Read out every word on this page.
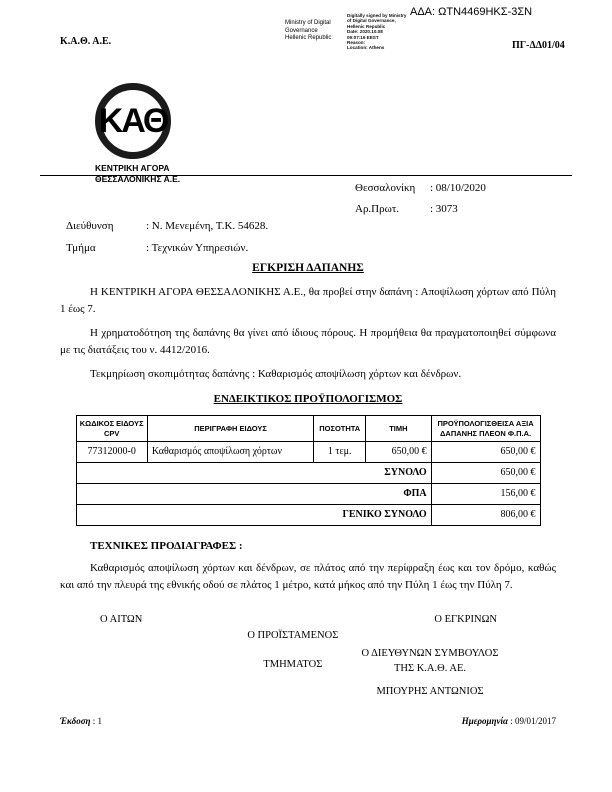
ΑΔΑ: ΩΤΝ4469ΗΚΣ-3ΣΝ
Κ.Α.Θ. Α.Ε.
Ministry of Digital
Governance
Hellenic Republic
Digitally signed by Ministry
of Digital Governance,
Hellenic Republic
Date: 2020.10.08
09:07:16 EEST
Reason:
Location: Athens	ΠΓ-ΔΔ01/04
ΚΑΘ
ΚΕΝΤΡΙΚΗ ΑΓΟΡΑ
ΘΕΣΣΑΛΟΝΙΚΗΣ Α.Ε.
Θεσσαλονίκη	: 08/10/2020
Αρ.Πρωτ.	: 3073
Διεύθυνση	: Ν. Μενεμένη, Τ.Κ. 54628.
Τμήμα	: Τεχνικών Υπηρεσιών.
ΕΓΚΡΙΣΗ ΔΑΠΑΝΗΣ

Η ΚΕΝΤΡΙΚΗ ΑΓΟΡΑ ΘΕΣΣΑΛΟΝΙΚΗΣ Α.Ε., θα προβεί στην δαπάνη : Αποψίλωση χόρτων από Πύλη 1 έως 7.

Η χρηματοδότηση της δαπάνης θα γίνει από ίδιους πόρους. Η προμήθεια θα πραγματοποιηθεί σύμφωνα με τις διατάξεις του ν. 4412/2016.

Τεκμηρίωση σκοπιμότητας δαπάνης : Καθαρισμός αποψίλωση χόρτων και δένδρων.

ΕΝΔΕΙΚΤΙΚΟΣ ΠΡΟΫΠΟΛΟΓΙΣΜΟΣ
ΚΩΔΙΚΟΣ ΕΙΔΟΥΣ CPV	ΠΕΡΙΓΡΑΦΗ ΕΙΔΟΥΣ	ΠΟΣΟΤΗΤΑ	ΤΙΜΗ	ΠΡΟΫΠΟΛΟΓΙΣΘΕΙΣΑ ΑΞΙΑ ΔΑΠΑΝΗΣ ΠΛΕΟΝ Φ.Π.Α.
77312000-0	Καθαρισμός αποψίλωση χόρτων	1 τεμ.	650,00 €	650,00 €
ΣΥΝΟΛΟ				650,00 €
ΦΠΑ				156,00 €
ΓΕΝΙΚΟ ΣΥΝΟΛΟ				806,00 €
ΤΕΧΝΙΚΕΣ ΠΡΟΔΙΑΓΡΑΦΕΣ :

Καθαρισμός αποψίλωση χόρτων και δένδρων, σε πλάτος από την περίφραξη έως και τον δρόμο, καθώς και από την πλευρά της εθνικής οδού σε πλάτος 1 μέτρο, κατά μήκος από την Πύλη 1 έως την Πύλη 7.

Ο ΑΙΤΩΝ

Ο ΠΡΟΪΣΤΑΜΕΝΟΣ

ΤΜΗΜΑΤΟΣ

Ο ΕΓΚΡΙΝΩΝ
Ο ΔΙΕΥΘΥΝΩΝ ΣΥΜΒΟΥΛΟΣ
ΤΗΣ Κ.Α.Θ. ΑΕ.
ΜΠΟΥΡΗΣ ΑΝΤΩΝΙΟΣ
Έκδοση : 1	Ημερομηνία : 09/01/2017
